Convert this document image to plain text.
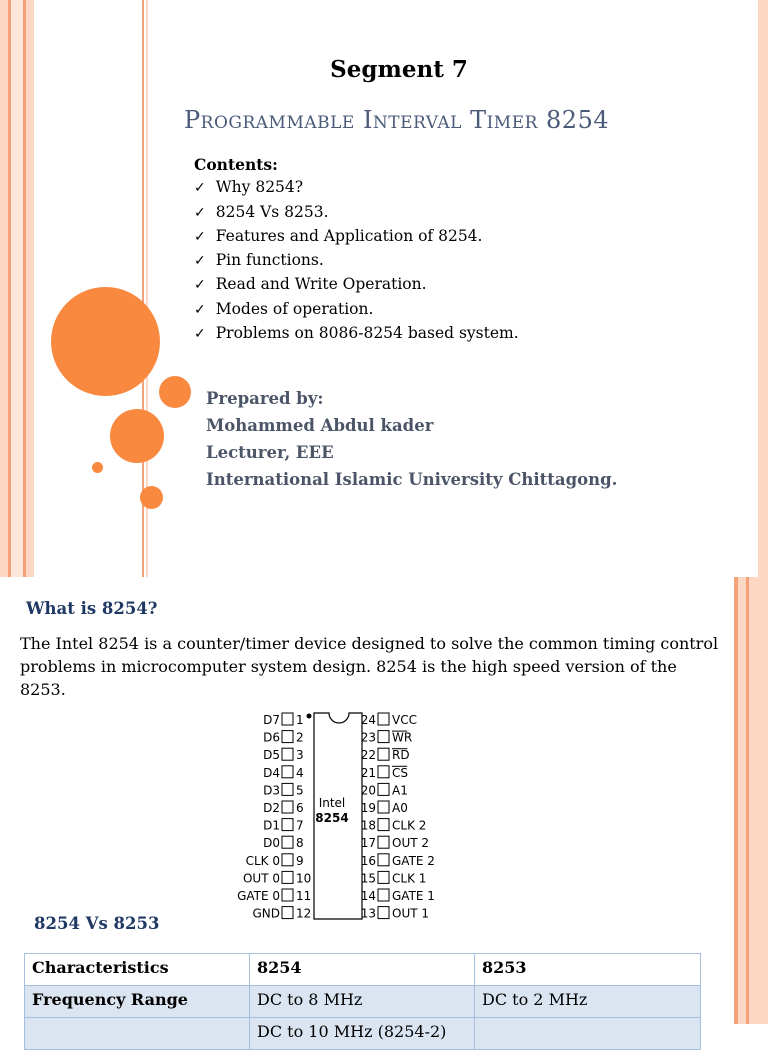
Segment 7
Programmable Interval Timer 8254
Contents:
✓ Why 8254?
✓ 8254 Vs 8253.
✓ Features and Application of 8254.
✓ Pin functions.
✓ Read and Write Operation.
✓ Modes of operation.
✓ Problems on 8086-8254 based system.
Prepared by:
Mohammed Abdul kader
Lecturer, EEE
International Islamic University Chittagong.
What is 8254?
The Intel 8254 is a counter/timer device designed to solve the common timing control problems in microcomputer system design. 8254 is the high speed version of the 8253.
Intel
8254
D7 1
D6 2
D5 3
D4 4
D3 5
D2 6
D1 7
D0 8
CLK 0 9
OUT 0 10
GATE 0 11
GND 12
24 VCC
23 WR
22 RD
21 CS
20 A1
19 A0
18 CLK 2
17 OUT 2
16 GATE 2
15 CLK 1
14 GATE 1
13 OUT 1
8254 Vs 8253
Characteristics	8254	8253
Frequency Range	DC to 8 MHz	DC to 2 MHz
	DC to 10 MHz (8254-2)	
